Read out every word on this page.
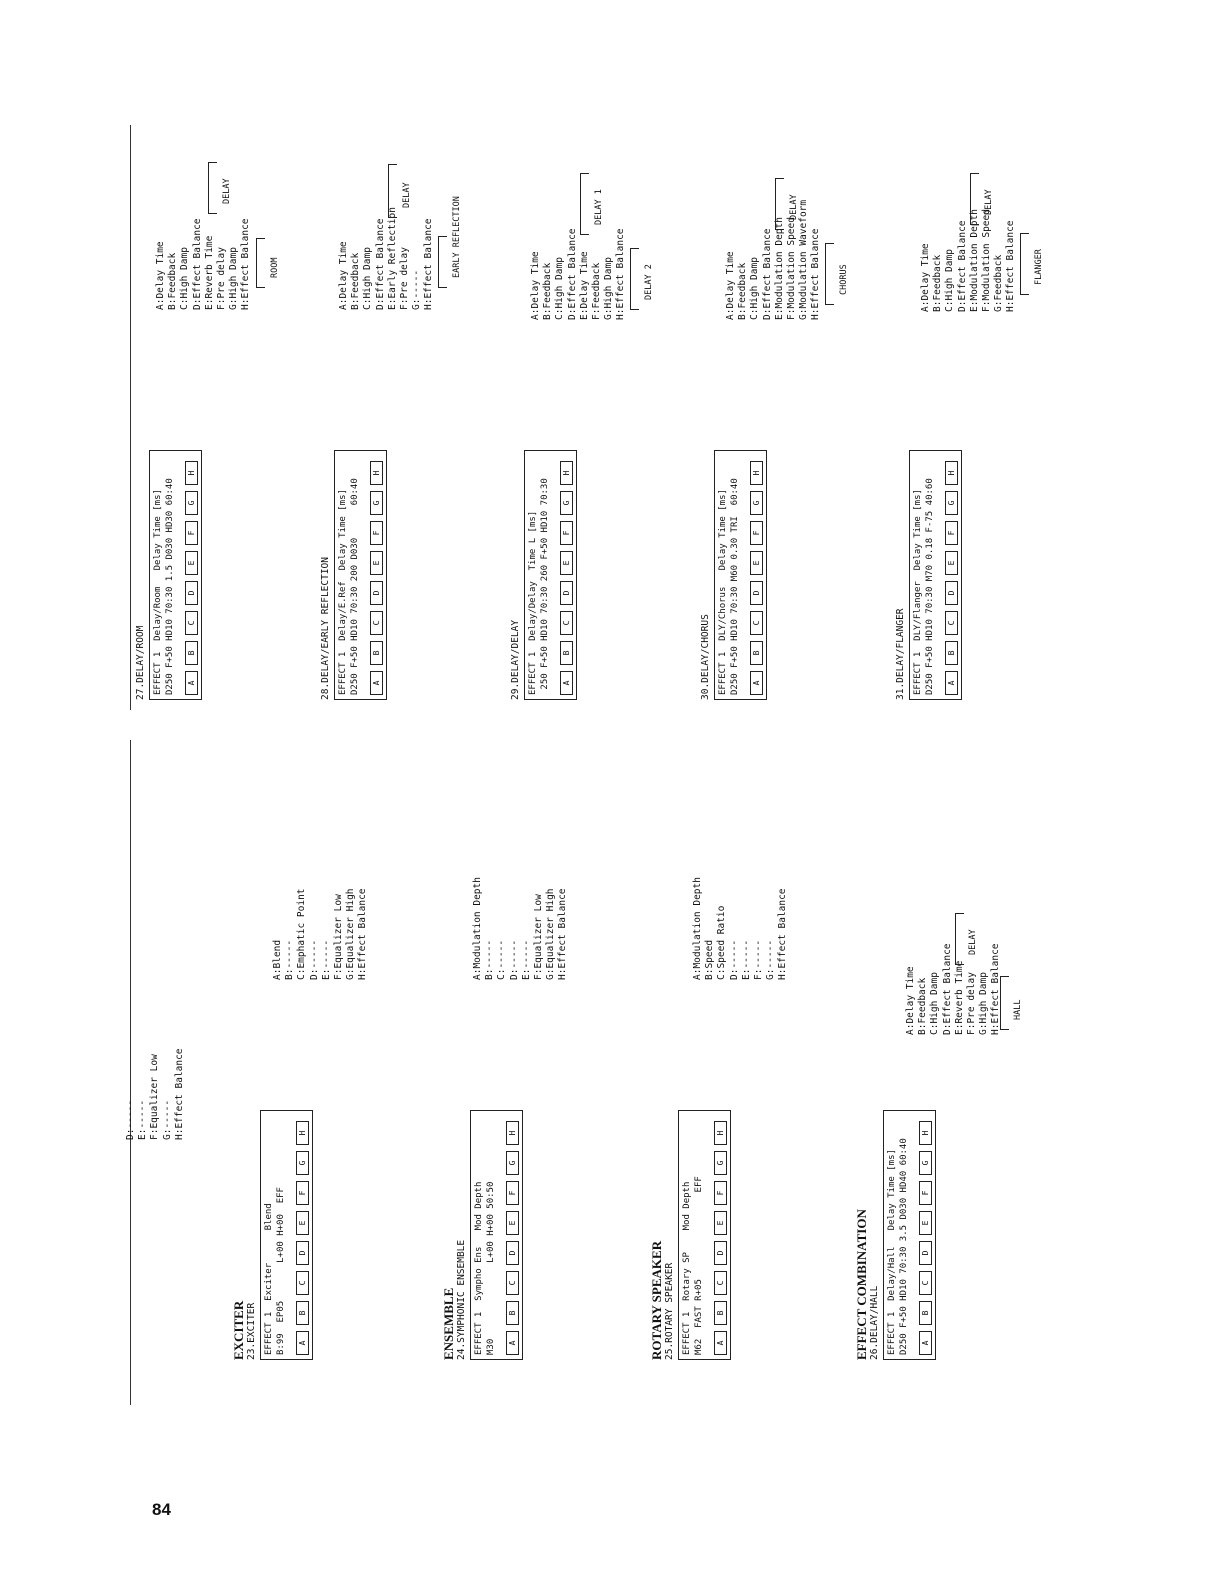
84
D:----- E:----- F:Equalizer Low G:----- H:Effect Balance
EXCITER 23.EXCITER EFFECT 1  Exciter      Blend B:99  EP05       L+00 H+00  EFF	ABCDEFGH
A:Blend B:----- C:Emphatic Point D:----- E:----- F:Equalizer Low G:Equalizer High H:Effect Balance
ENSEMBLE 24.SYMPHONIC ENSEMBLE EFFECT 1  Sympho Ens   Mod Depth M30              L+00 H+00 50:50	ABCDEFGH
A:Modulation Depth B:----- C:----- D:----- E:----- F:Equalizer Low G:Equalizer High H:Effect Balance
ROTARY SPEAKER 25.ROTARY SPEAKER EFFECT 1  Rotary SP    Mod Depth M62  FAST R+05                EFF	ABCDEFGH
A:Modulation Depth B:Speed C:Speed Ratio D:----- E:----- F:----- G:----- H:Effect Balance
EFFECT COMBINATION 26.DELAY/HALL EFFECT 1  Delay/Hall   Delay Time [ms] D250 F+50 HD10 70:30 3.5 D030 HD40 60:40	ABCDEFGH
A:Delay Time B:Feedback C:High Damp D:Effect Balance E:Reverb Time F:Pre delay G:High Damp H:Effect Balance
DELAY
HALL
27.DELAY/ROOM EFFECT 1  Delay/Room   Delay Time [ms] D250 F+50 HD10 70:30 1.5 D030 HD30 60:40	ABCDEFGH
A:Delay Time B:Feedback C:High Damp D:Effect Balance E:Reverb Time F:Pre delay G:High Damp H:Effect Balance
DELAY
ROOM
28.DELAY/EARLY REFLECTION EFFECT 1  Delay/E.Ref  Delay Time [ms] D250 F+50 HD10 70:30 200 D030      60:40	ABCDEFGH
A:Delay Time B:Feedback C:High Damp D:Effect Balance E:Early Reflection F:Pre delay G:----- H:Effect Balance
DELAY
EARLY REFLECTION
29.DELAY/DELAY EFFECT 1  Delay/Delay  Time L [ms] 250 F+50 HD10 70:30 260 F+50 HD10 70:30	ABCDEFGH
A:Delay Time B:Feedback C:High Damp D:Effect Balance E:Delay Time F:Feedback G:High Damp H:Effect Balance
DELAY 1
DELAY 2
30.DELAY/CHORUS EFFECT 1  DLY/Chorus   Delay Time [ms] D250 F+50 HD10 70:30 M60 0.30 TRI  60:40	ABCDEFGH
A:Delay Time B:Feedback C:High Damp D:Effect Balance E:Modulation Depth F:Modulation Speed G:Modulation Waveform H:Effect Balance
DELAY
CHORUS
31.DELAY/FLANGER EFFECT 1  DLY/Flanger  Delay Time [ms] D250 F+50 HD10 70:30 M70 0.18 F-75 40:60	ABCDEFGH
A:Delay Time B:Feedback C:High Damp D:Effect Balance E:Modulation Depth F:Modulation Speed G:Feedback H:Effect Balance
DELAY
FLANGER
